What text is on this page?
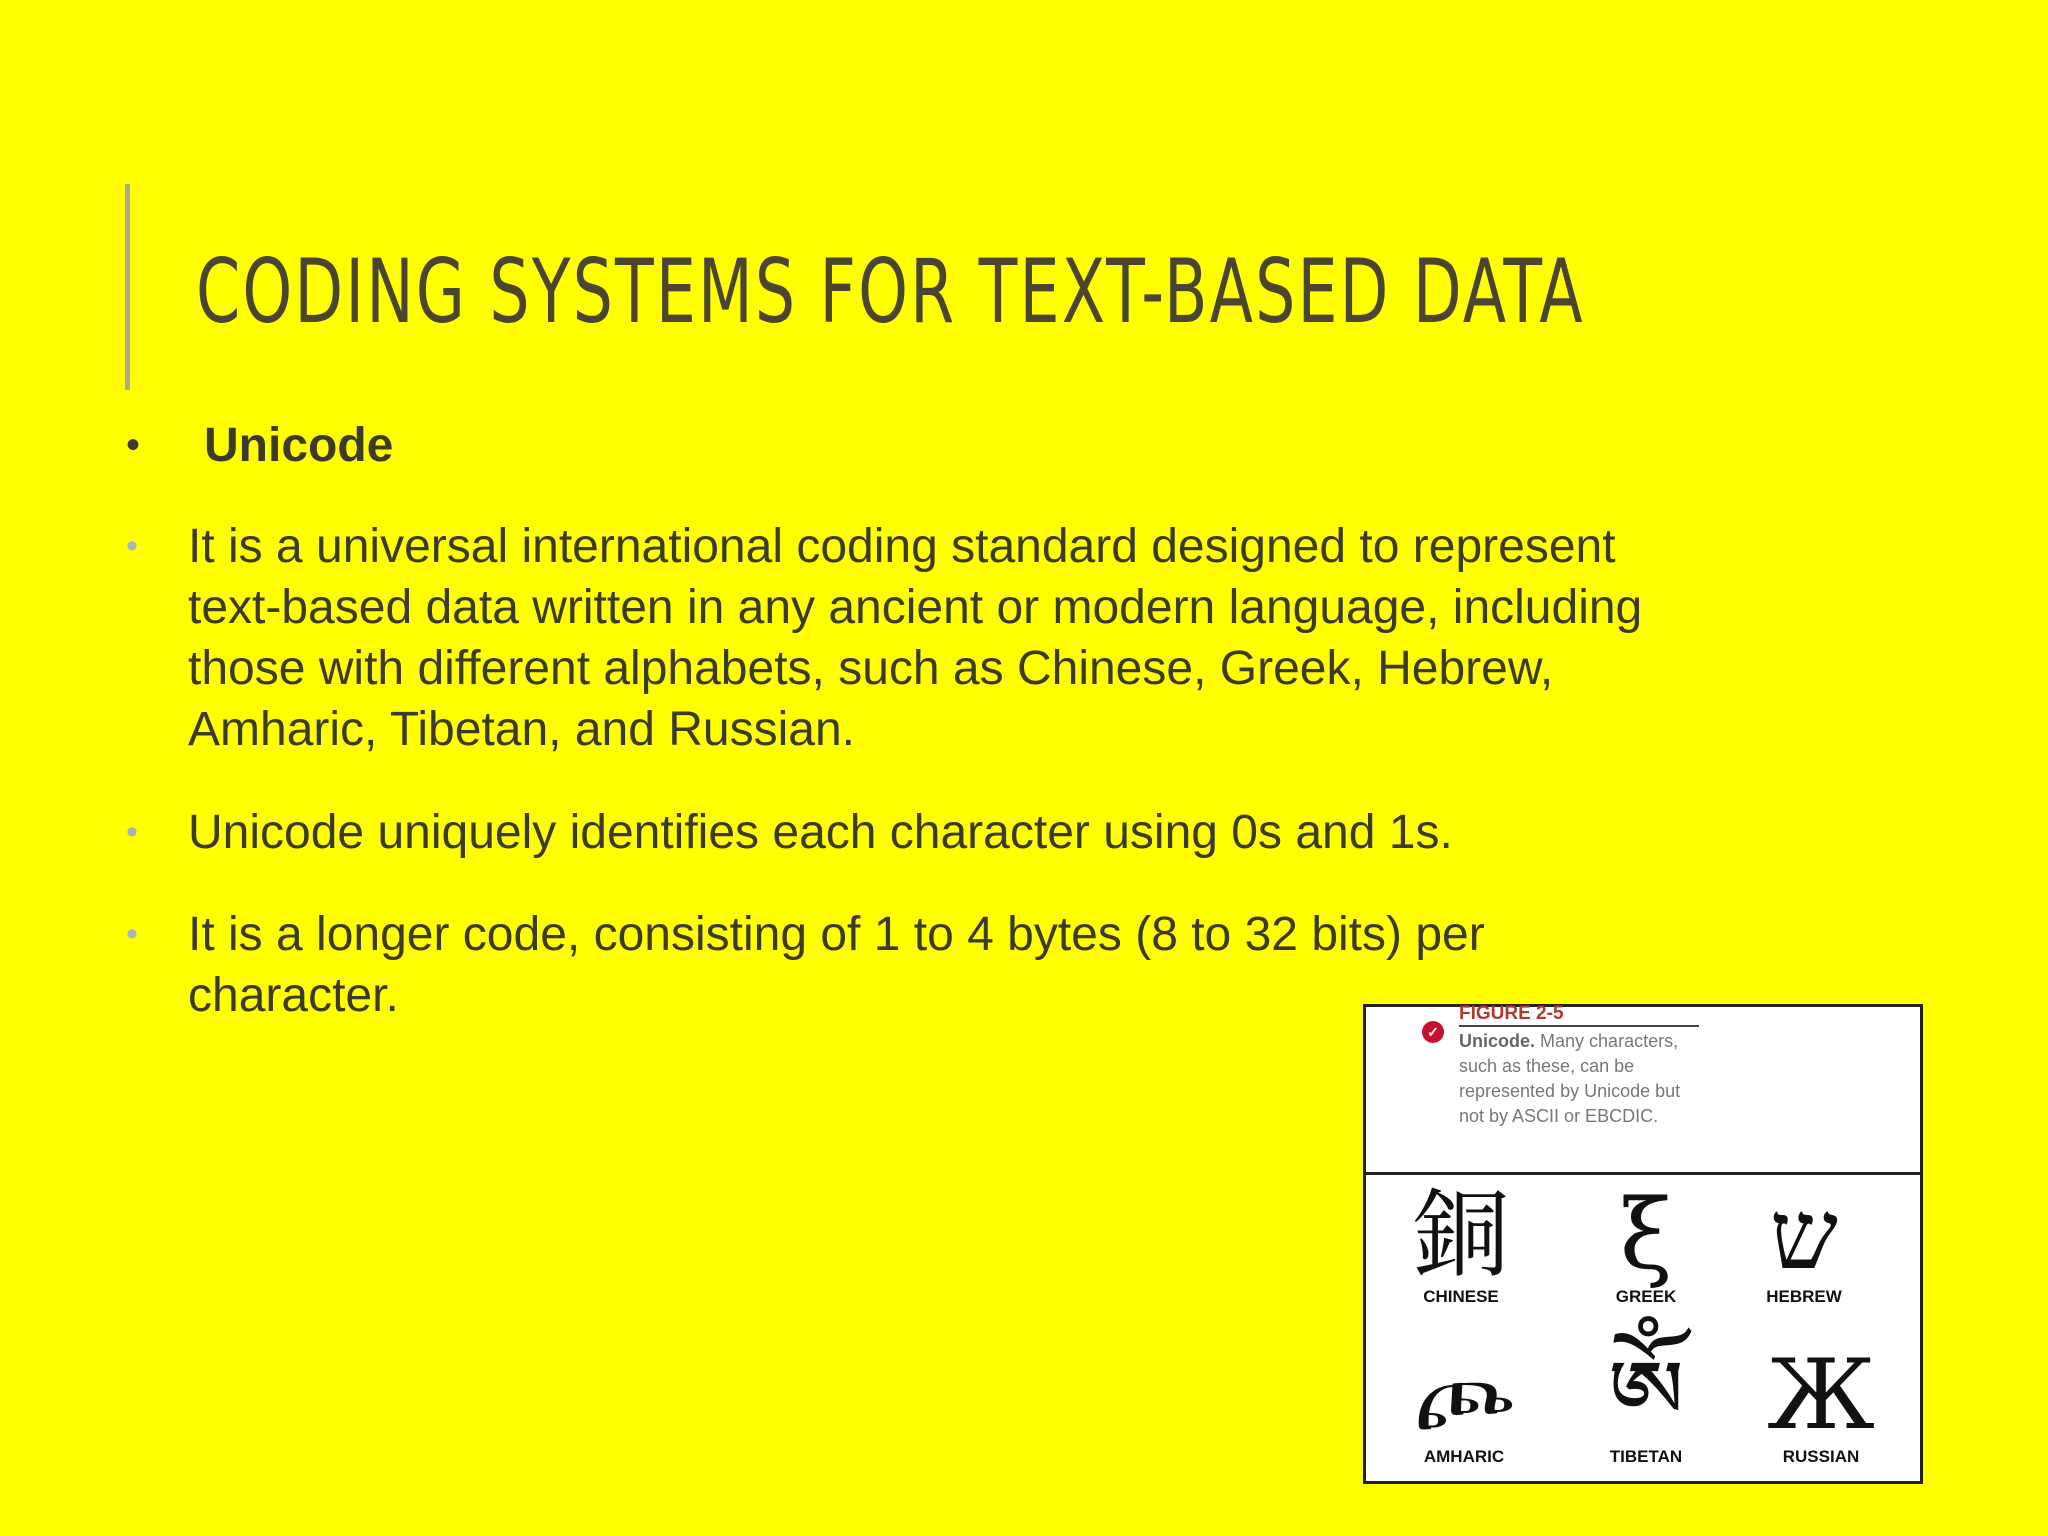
CODING SYSTEMS FOR TEXT-BASED DATA
• Unicode
• It is a universal international coding standard designed to represent
text-based data written in any ancient or modern language, including
those with different alphabets, such as Chinese, Greek, Hebrew,
Amharic, Tibetan, and Russian.
• Unicode uniquely identifies each character using 0s and 1s.
• It is a longer code, consisting of 1 to 4 bytes (8 to 32 bits) per
character.
✓
FIGURE 2-5
Unicode. Many characters, such as these, can be represented by Unicode but not by ASCII or EBCDIC.
銅
CHINESE
ξ
GREEK
ש
HEBREW
ጮ
AMHARIC
ༀ
TIBETAN
Ж
RUSSIAN
